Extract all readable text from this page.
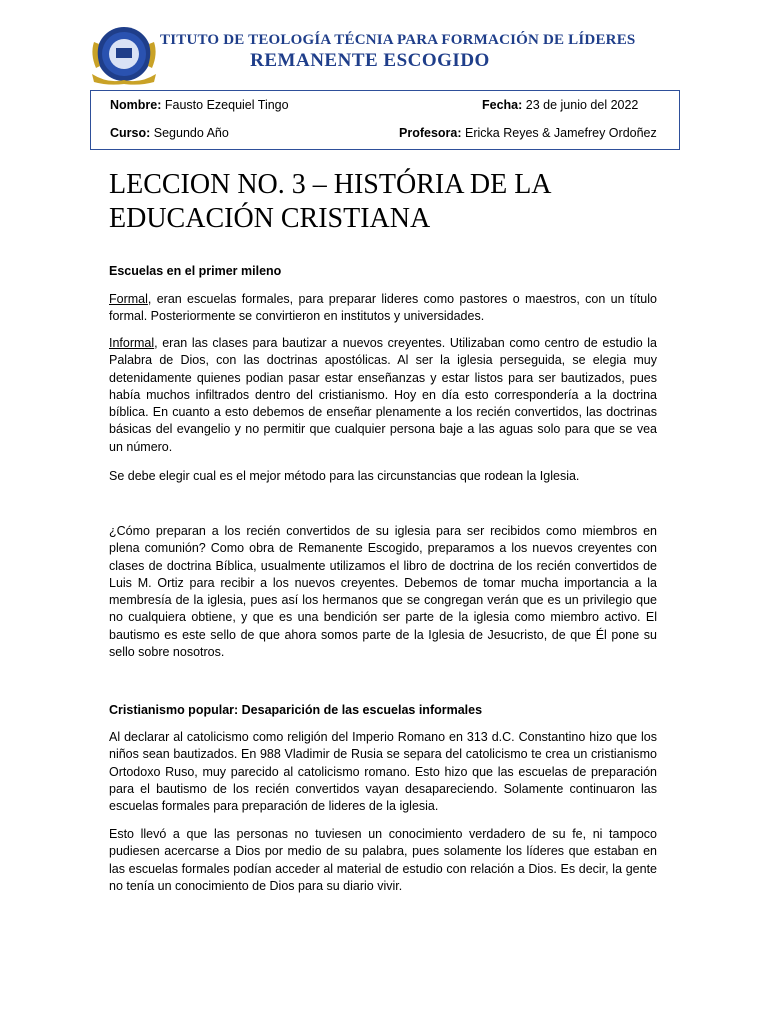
TITUTO DE TEOLOGÍA TÉCNIA PARA FORMACIÓN DE LÍDERES
REMANENTE ESCOGIDO
Nombre: Fausto Ezequiel Tingo	Fecha: 23 de junio del 2022
Curso: Segundo Año	Profesora: Ericka Reyes & Jamefrey Ordoñez
LECCION NO. 3 – HISTÓRIA DE LA
EDUCACIÓN CRISTIANA
Escuelas en el primer mileno
Formal, eran escuelas formales, para preparar lideres como pastores o maestros, con un título formal. Posteriormente se convirtieron en institutos y universidades.
Informal, eran las clases para bautizar a nuevos creyentes. Utilizaban como centro de estudio la Palabra de Dios, con las doctrinas apostólicas. Al ser la iglesia perseguida, se elegia muy detenidamente quienes podian pasar estar enseñanzas y estar listos para ser bautizados, pues había muchos infiltrados dentro del cristianismo. Hoy en día esto correspondería a la doctrina bíblica. En cuanto a esto debemos de enseñar plenamente a los recién convertidos, las doctrinas básicas del evangelio y no permitir que cualquier persona baje a las aguas solo para que se vea un número.
Se debe elegir cual es el mejor método para las circunstancias que rodean la Iglesia.
¿Cómo preparan a los recién convertidos de su iglesia para ser recibidos como miembros en plena comunión? Como obra de Remanente Escogido, preparamos a los nuevos creyentes con clases de doctrina Bíblica, usualmente utilizamos el libro de doctrina de los recién convertidos de Luis M. Ortiz para recibir a los nuevos creyentes. Debemos de tomar mucha importancia a la membresía de la iglesia, pues así los hermanos que se congregan verán que es un privilegio que no cualquiera obtiene, y que es una bendición ser parte de la iglesia como miembro activo. El bautismo es este sello de que ahora somos parte de la Iglesia de Jesucristo, de que Él pone su sello sobre nosotros.
Cristianismo popular: Desaparición de las escuelas informales
Al declarar al catolicismo como religión del Imperio Romano en 313 d.C. Constantino hizo que los niños sean bautizados. En 988 Vladimir de Rusia se separa del catolicismo te crea un cristianismo Ortodoxo Ruso, muy parecido al catolicismo romano. Esto hizo que las escuelas de preparación para el bautismo de los recién convertidos vayan desapareciendo. Solamente continuaron las escuelas formales para preparación de lideres de la iglesia.
Esto llevó a que las personas no tuviesen un conocimiento verdadero de su fe, ni tampoco pudiesen acercarse a Dios por medio de su palabra, pues solamente los líderes que estaban en las escuelas formales podían acceder al material de estudio con relación a Dios. Es decir, la gente no tenía un conocimiento de Dios para su diario vivir.
